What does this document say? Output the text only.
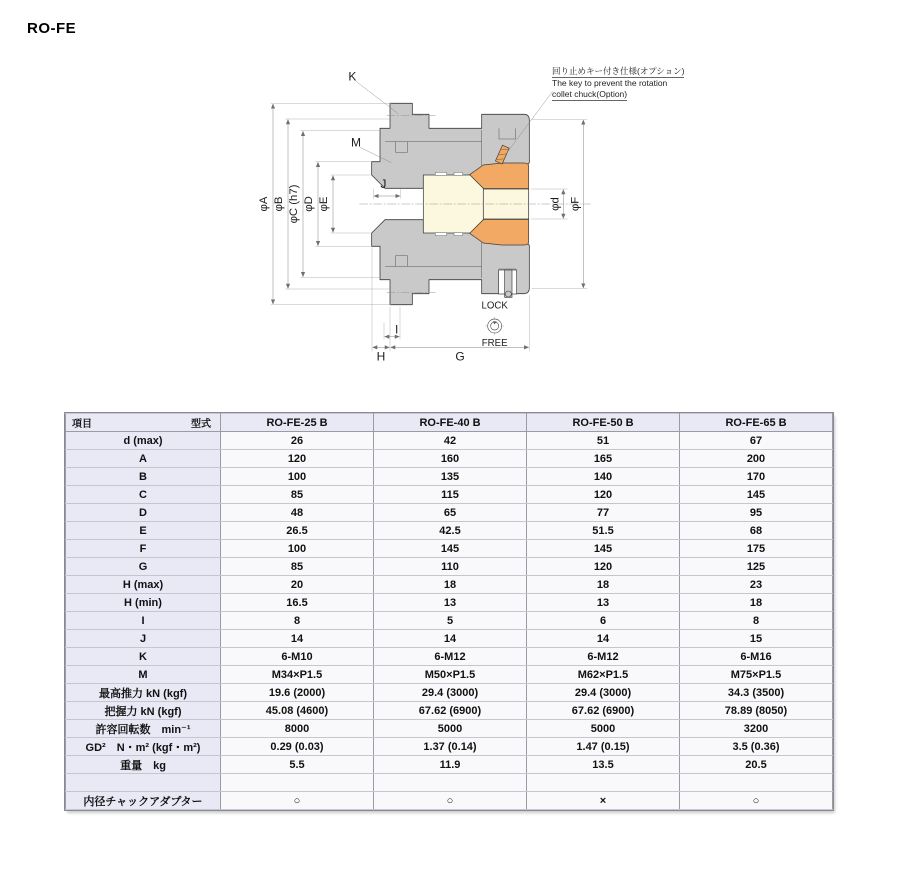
RO-FE
φA φB φC (h7) φD φE	φd φF
K
M
J
H
I
G
LOCK
FREE
回り止めキー付き仕様(オプション)
The key to prevent the rotation
collet chuck(Option)
項目 型式	RO-FE-25 B	RO-FE-40 B	RO-FE-50 B	RO-FE-65 B
d (max)	26	42	51	67
A	120	160	165	200
B	100	135	140	170
C	85	115	120	145
D	48	65	77	95
E	26.5	42.5	51.5	68
F	100	145	145	175
G	85	110	120	125
H (max)	20	18	18	23
H (min)	16.5	13	13	18
I	8	5	6	8
J	14	14	14	15
K	6-M10	6-M12	6-M12	6-M16
M	M34×P1.5	M50×P1.5	M62×P1.5	M75×P1.5
最高推力 kN (kgf)	19.6 (2000)	29.4 (3000)	29.4 (3000)	34.3 (3500)
把握力 kN (kgf)	45.08 (4600)	67.62 (6900)	67.62 (6900)	78.89 (8050)
許容回転数　min⁻¹	8000	5000	5000	3200
GD²　N・m² (kgf・m²)	0.29 (0.03)	1.37 (0.14)	1.47 (0.15)	3.5 (0.36)
重量　kg	5.5	11.9	13.5	20.5

内径チャックアダプター	○	○	×	○
